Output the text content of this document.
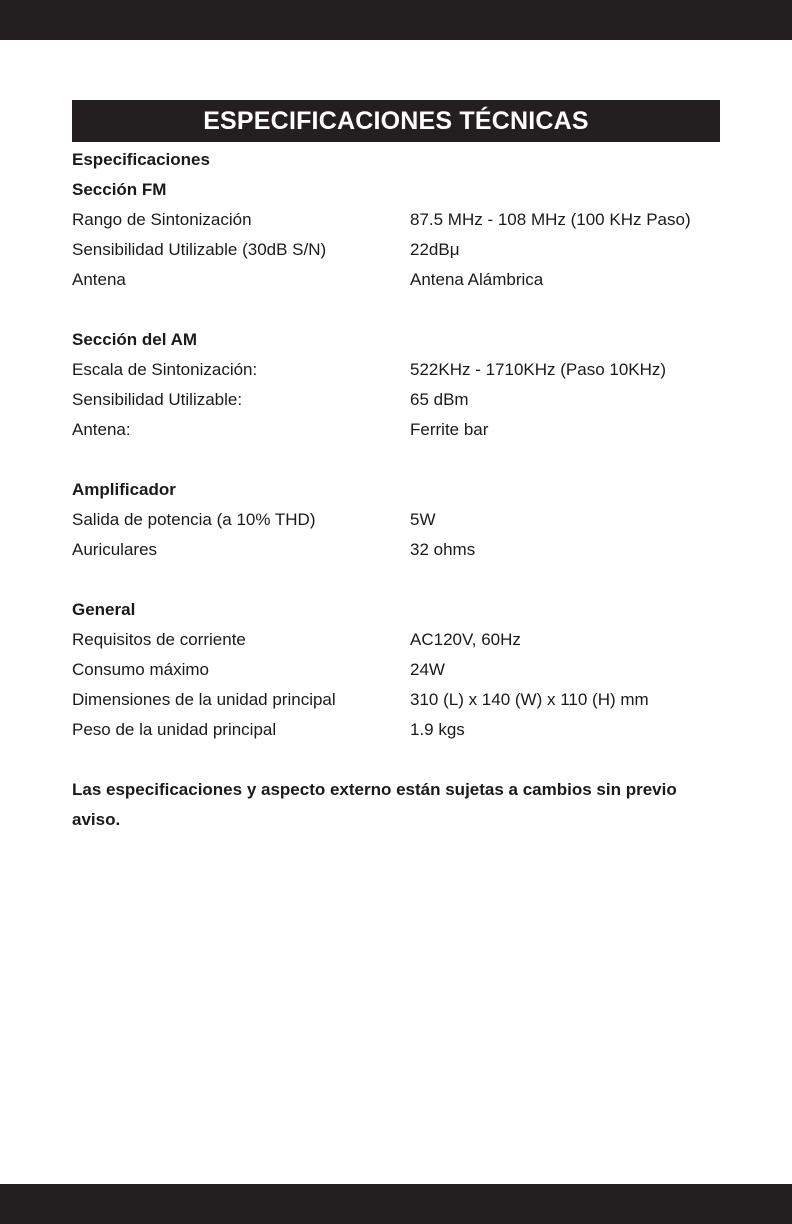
ESPECIFICACIONES TÉCNICAS
Especificaciones
Sección FM
Rango de Sintonización	87.5 MHz - 108 MHz (100 KHz Paso)
Sensibilidad Utilizable (30dB S/N)	22dBμ
Antena	Antena Alámbrica
Sección del AM
Escala de Sintonización:	522KHz - 1710KHz (Paso 10KHz)
Sensibilidad Utilizable:	65 dBm
Antena:	Ferrite bar
Amplificador
Salida de potencia (a 10% THD)	5W
Auriculares	32 ohms
General
Requisitos de corriente	AC120V, 60Hz
Consumo máximo	24W
Dimensiones de la unidad principal	310 (L) x 140 (W) x 110 (H) mm
Peso de la unidad principal	1.9 kgs
Las especificaciones y aspecto externo están sujetas a cambios sin previo aviso.
